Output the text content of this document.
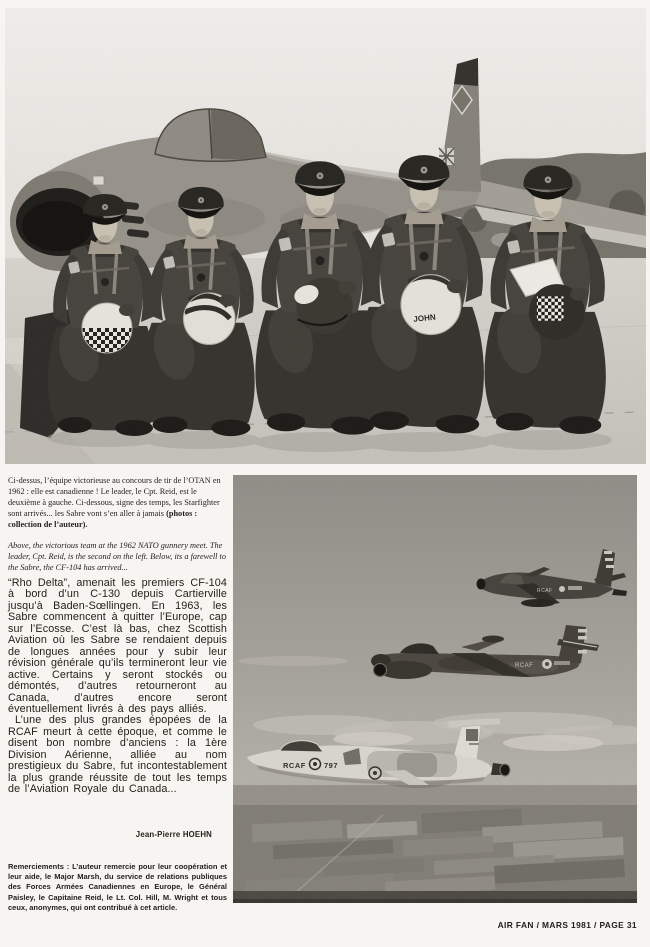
JOHN
Ci-dessus, l’équipe victorieuse au concours de tir de l’OTAN en 1962 : elle est canadienne ! Le leader, le Cpt. Reid, est le deuxième à gauche. Ci-dessous, signe des temps, les Starfighter sont arrivés... les Sabre vont s’en aller à jamais (photos : collection de l’auteur).
Above, the victorious team at the 1962 NATO gunnery meet. The leader, Cpt. Reid, is the second on the left. Below, its a farewell to the Sabre, the CF-104 has arrived...

“Rho Delta”, amenait les premiers CF-104 à bord d’un C-130 depuis Cartierville jusqu’à Baden-Sœllingen. En 1963, les Sabre commencent à quitter l’Europe, cap sur l’Ecosse. C’est là bas, chez Scottish Aviation où les Sabre se rendaient depuis de longues années pour y subir leur révision générale qu’ils termineront leur vie active. Certains y seront stockés ou démontés, d’autres retourneront au Canada, d’autres encore seront éventuellement livrés à des pays alliés.

L’une des plus grandes épopées de la RCAF meurt à cette époque, et comme le disent bon nombre d’anciens : la 1ère Division Aérienne, alliée au nom prestigieux du Sabre, fut incontestablement la plus grande réussite de tout les temps de l’Aviation Royale du Canada...

Jean-Pierre HOEHN
Remerciements : L’auteur remercie pour leur coopération et leur aide, le Major Marsh, du service de relations publiques des Forces Armées Canadiennes en Europe, le Général Paisley, le Capitaine Reid, le Lt. Col. Hill, M. Wright et tous ceux, anonymes, qui ont contribué à cet article.
RCAF
RCAF
RCAF 797
AIR FAN / MARS 1981 / PAGE 31
